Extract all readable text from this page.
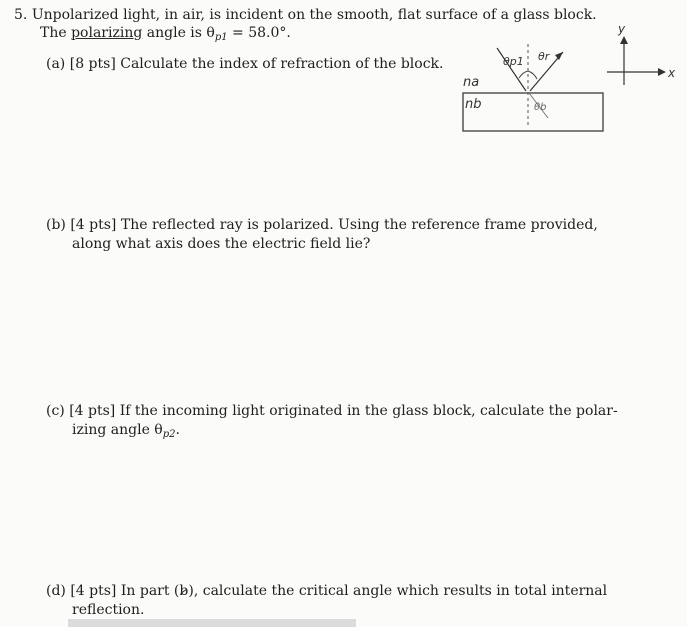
5. Unpolarized light, in air, is incident on the smooth, flat surface of a glass block.
The polarizing angle is $\theta_{p1} = 58.0^\circ$.
(a) [8 pts] Calculate the index of refraction of the block.
(b) [4 pts] The reflected ray is polarized. Using the reference frame provided,
along what axis does the electric field lie?
(c) [4 pts] If the incoming light originated in the glass block, calculate the polar-
izing angle $\theta_{p2}$.
(d) [4 pts] In part (b), calculate the critical angle which results in total internal
reflection.
na
nb
θp1 θr
θb
y
x
